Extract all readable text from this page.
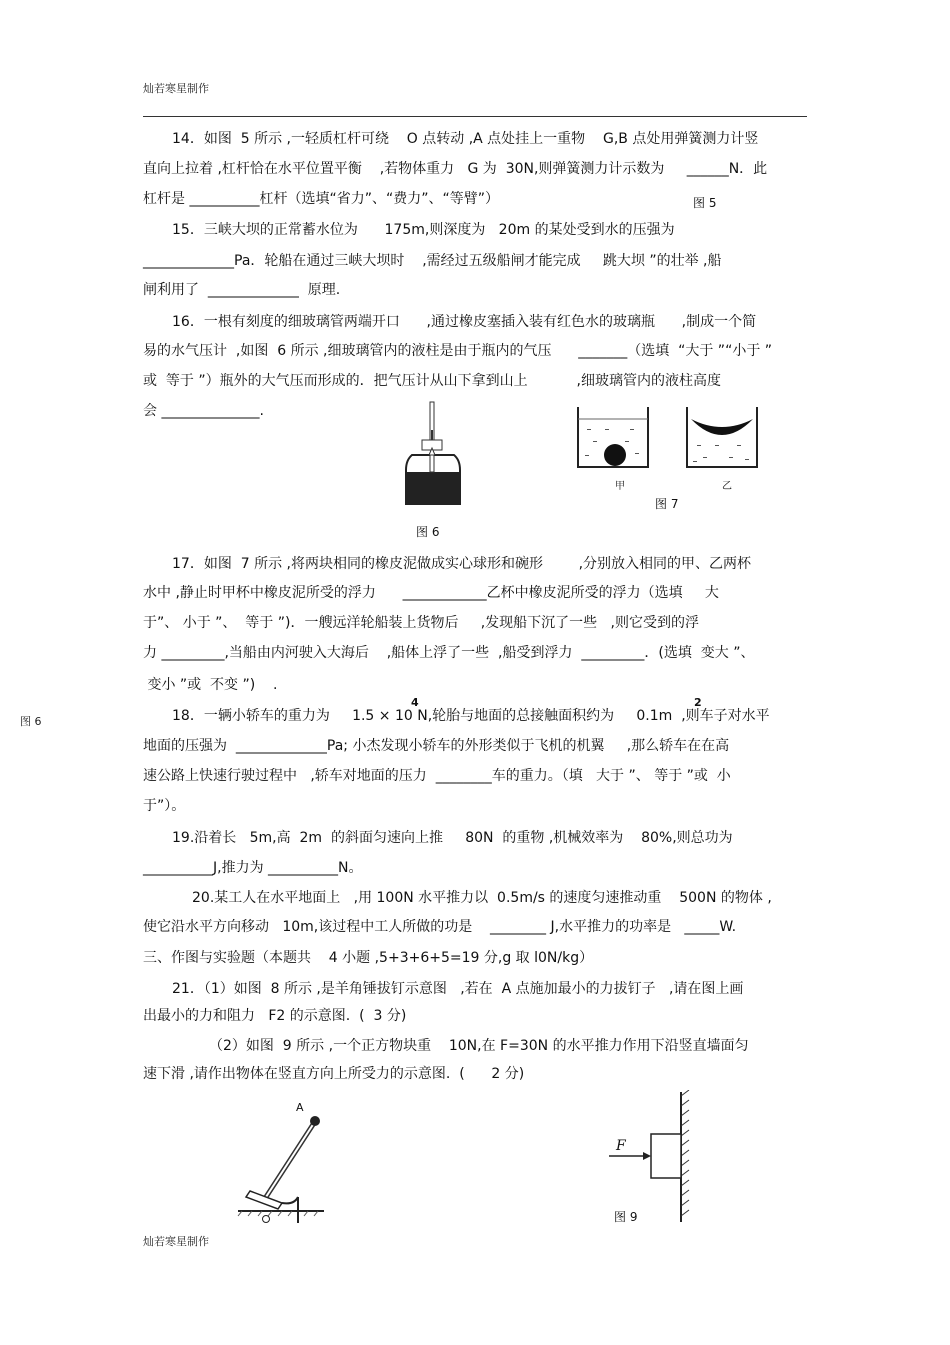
灿若寒星制作
图 6
14．如图  5 所示 ,一轻质杠杆可绕    O 点转动 ,A 点处挂上一重物    G,B 点处用弹簧测力计竖
直向上拉着 ,杠杆恰在水平位置平衡    ,若物体重力   G 为  30N,则弹簧测力计示数为     ______N．此
杠杆是 __________杠杆（选填“省力”、“费力”、“等臂”）
15．三峡大坝的正常蓄水位为      175m,则深度为   20m 的某处受到水的压强为
_____________Pa．轮船在通过三峡大坝时    ,需经过五级船闸才能完成     跳大坝 ”的壮举 ,船
闸利用了  _____________  原理.
16．一根有刻度的细玻璃管两端开口      ,通过橡皮塞插入装有红色水的玻璃瓶      ,制成一个简
易的水气压计  ,如图  6 所示 ,细玻璃管内的液柱是由于瓶内的气压      _______（选填  “大于 ”“小于 ”
或  等于 ”）瓶外的大气压而形成的．把气压计从山下拿到山上           ,细玻璃管内的液柱高度
会 ______________.
17．如图  7 所示 ,将两块相同的橡皮泥做成实心球形和碗形        ,分别放入相同的甲、乙两杯
水中 ,静止时甲杯中橡皮泥所受的浮力      ____________乙杯中橡皮泥所受的浮力（选填     大
于”、 小于 ”、  等于 ”)．一艘远洋轮船装上货物后     ,发现船下沉了一些   ,则它受到的浮
力 _________,当船由内河驶入大海后    ,船体上浮了一些  ,船受到浮力  _________．(选填  变大 ”、
变小 ”或  不变 ”)    .
18．一辆小轿车的重力为     1.5 × 10 N,轮胎与地面的总接触面积约为     0.1m  ,则车子对水平
4	2
地面的压强为  _____________Pa; 小杰发现小轿车的外形类似于飞机的机翼     ,那么轿车在在高
速公路上快速行驶过程中   ,轿车对地面的压力  ________车的重力。（填   大于 ”、 等于 ”或  小
于”）。
19.沿着长   5m,高  2m  的斜面匀速向上推     80N  的重物 ,机械效率为    80%,则总功为
__________J,推力为 __________N。
20.某工人在水平地面上   ,用 100N 水平推力以  0.5m/s 的速度匀速推动重    500N 的物体 ,
使它沿水平方向移动   10m,该过程中工人所做的功是    ________ J,水平推力的功率是   _____W.
三、作图与实验题（本题共    4 小题 ,5+3+6+5=19 分,g 取 l0N/kg）
21．（1）如图  8 所示 ,是羊角锤拔钉示意图   ,若在  A 点施加最小的力拔钉子   ,请在图上画
出最小的力和阻力   F2 的示意图.  (  3 分)
（2）如图  9 所示 ,一个正方物块重    10N,在 F=30N 的水平推力作用下沿竖直墙面匀
速下滑 ,请作出物体在竖直方向上所受力的示意图.  (      2 分)
图 5
图 6
甲	乙
图 7
A
F
图 9
灿若寒星制作
